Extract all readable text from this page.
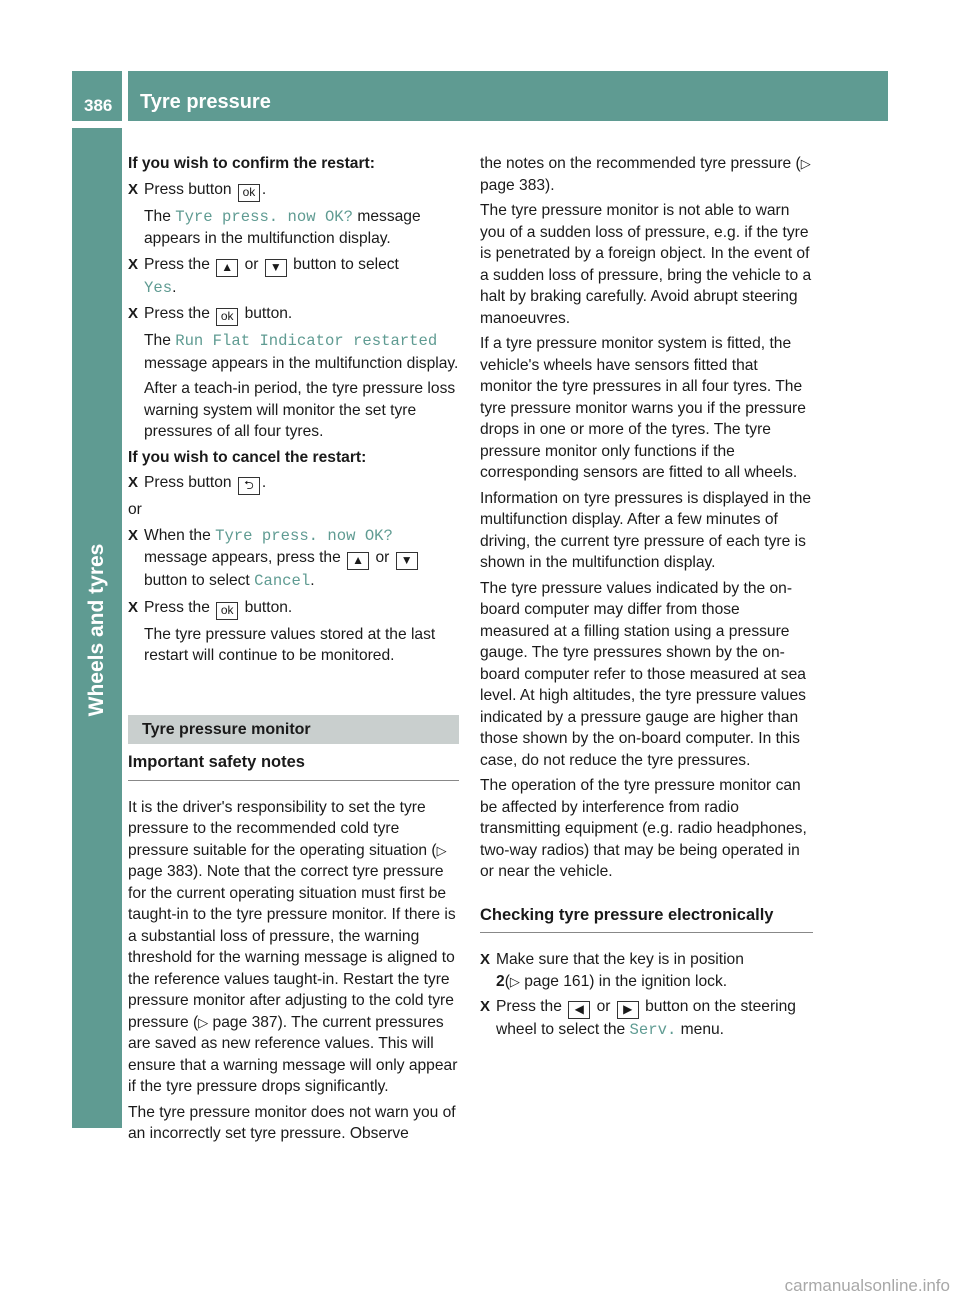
386 Tyre pressure
Wheels and tyres

If you wish to confirm the restart:

X Press button ok .

The Tyre press. now OK? message appears in the multifunction display.

X Press the ▲ or ▼ button to select
Yes.

X Press the ok button.

The Run Flat Indicator restarted message appears in the multifunction display.

After a teach-in period, the tyre pressure loss warning system will monitor the set tyre pressures of all four tyres.

If you wish to cancel the restart:

X Press button ⮌ .

or

X When the Tyre press. now OK? message appears, press the ▲ or ▼ button to select Cancel.

X Press the ok button.

The tyre pressure values stored at the last restart will continue to be monitored.

Tyre pressure monitor
Important safety notes

It is the driver's responsibility to set the tyre pressure to the recommended cold tyre pressure suitable for the operating situation (▷ page 383). Note that the correct tyre pressure for the current operating situation must first be taught-in to the tyre pressure monitor. If there is a substantial loss of pressure, the warning threshold for the warning message is aligned to the reference values taught-in. Restart the tyre pressure monitor after adjusting to the cold tyre pressure (▷ page 387). The current pressures are saved as new reference values. This will ensure that a warning message will only appear if the tyre pressure drops significantly.

The tyre pressure monitor does not warn you of an incorrectly set tyre pressure. Observe

the notes on the recommended tyre pressure (▷ page 383).

The tyre pressure monitor is not able to warn you of a sudden loss of pressure, e.g. if the tyre is penetrated by a foreign object. In the event of a sudden loss of pressure, bring the vehicle to a halt by braking carefully. Avoid abrupt steering manoeuvres.

If a tyre pressure monitor system is fitted, the vehicle's wheels have sensors fitted that monitor the tyre pressures in all four tyres. The tyre pressure monitor warns you if the pressure drops in one or more of the tyres. The tyre pressure monitor only functions if the corresponding sensors are fitted to all wheels.

Information on tyre pressures is displayed in the multifunction display. After a few minutes of driving, the current tyre pressure of each tyre is shown in the multifunction display.

The tyre pressure values indicated by the on-board computer may differ from those measured at a filling station using a pressure gauge. The tyre pressures shown by the on-board computer refer to those measured at sea level. At high altitudes, the tyre pressure values indicated by a pressure gauge are higher than those shown by the on-board computer. In this case, do not reduce the tyre pressures.

The operation of the tyre pressure monitor can be affected by interference from radio transmitting equipment (e.g. radio headphones, two-way radios) that may be being operated in or near the vehicle.

Checking tyre pressure electronically
X Make sure that the key is in position
2(▷ page 161) in the ignition lock.

X Press the ◀ or ▶ button on the steering wheel to select the Serv. menu.

carmanualsonline.info
